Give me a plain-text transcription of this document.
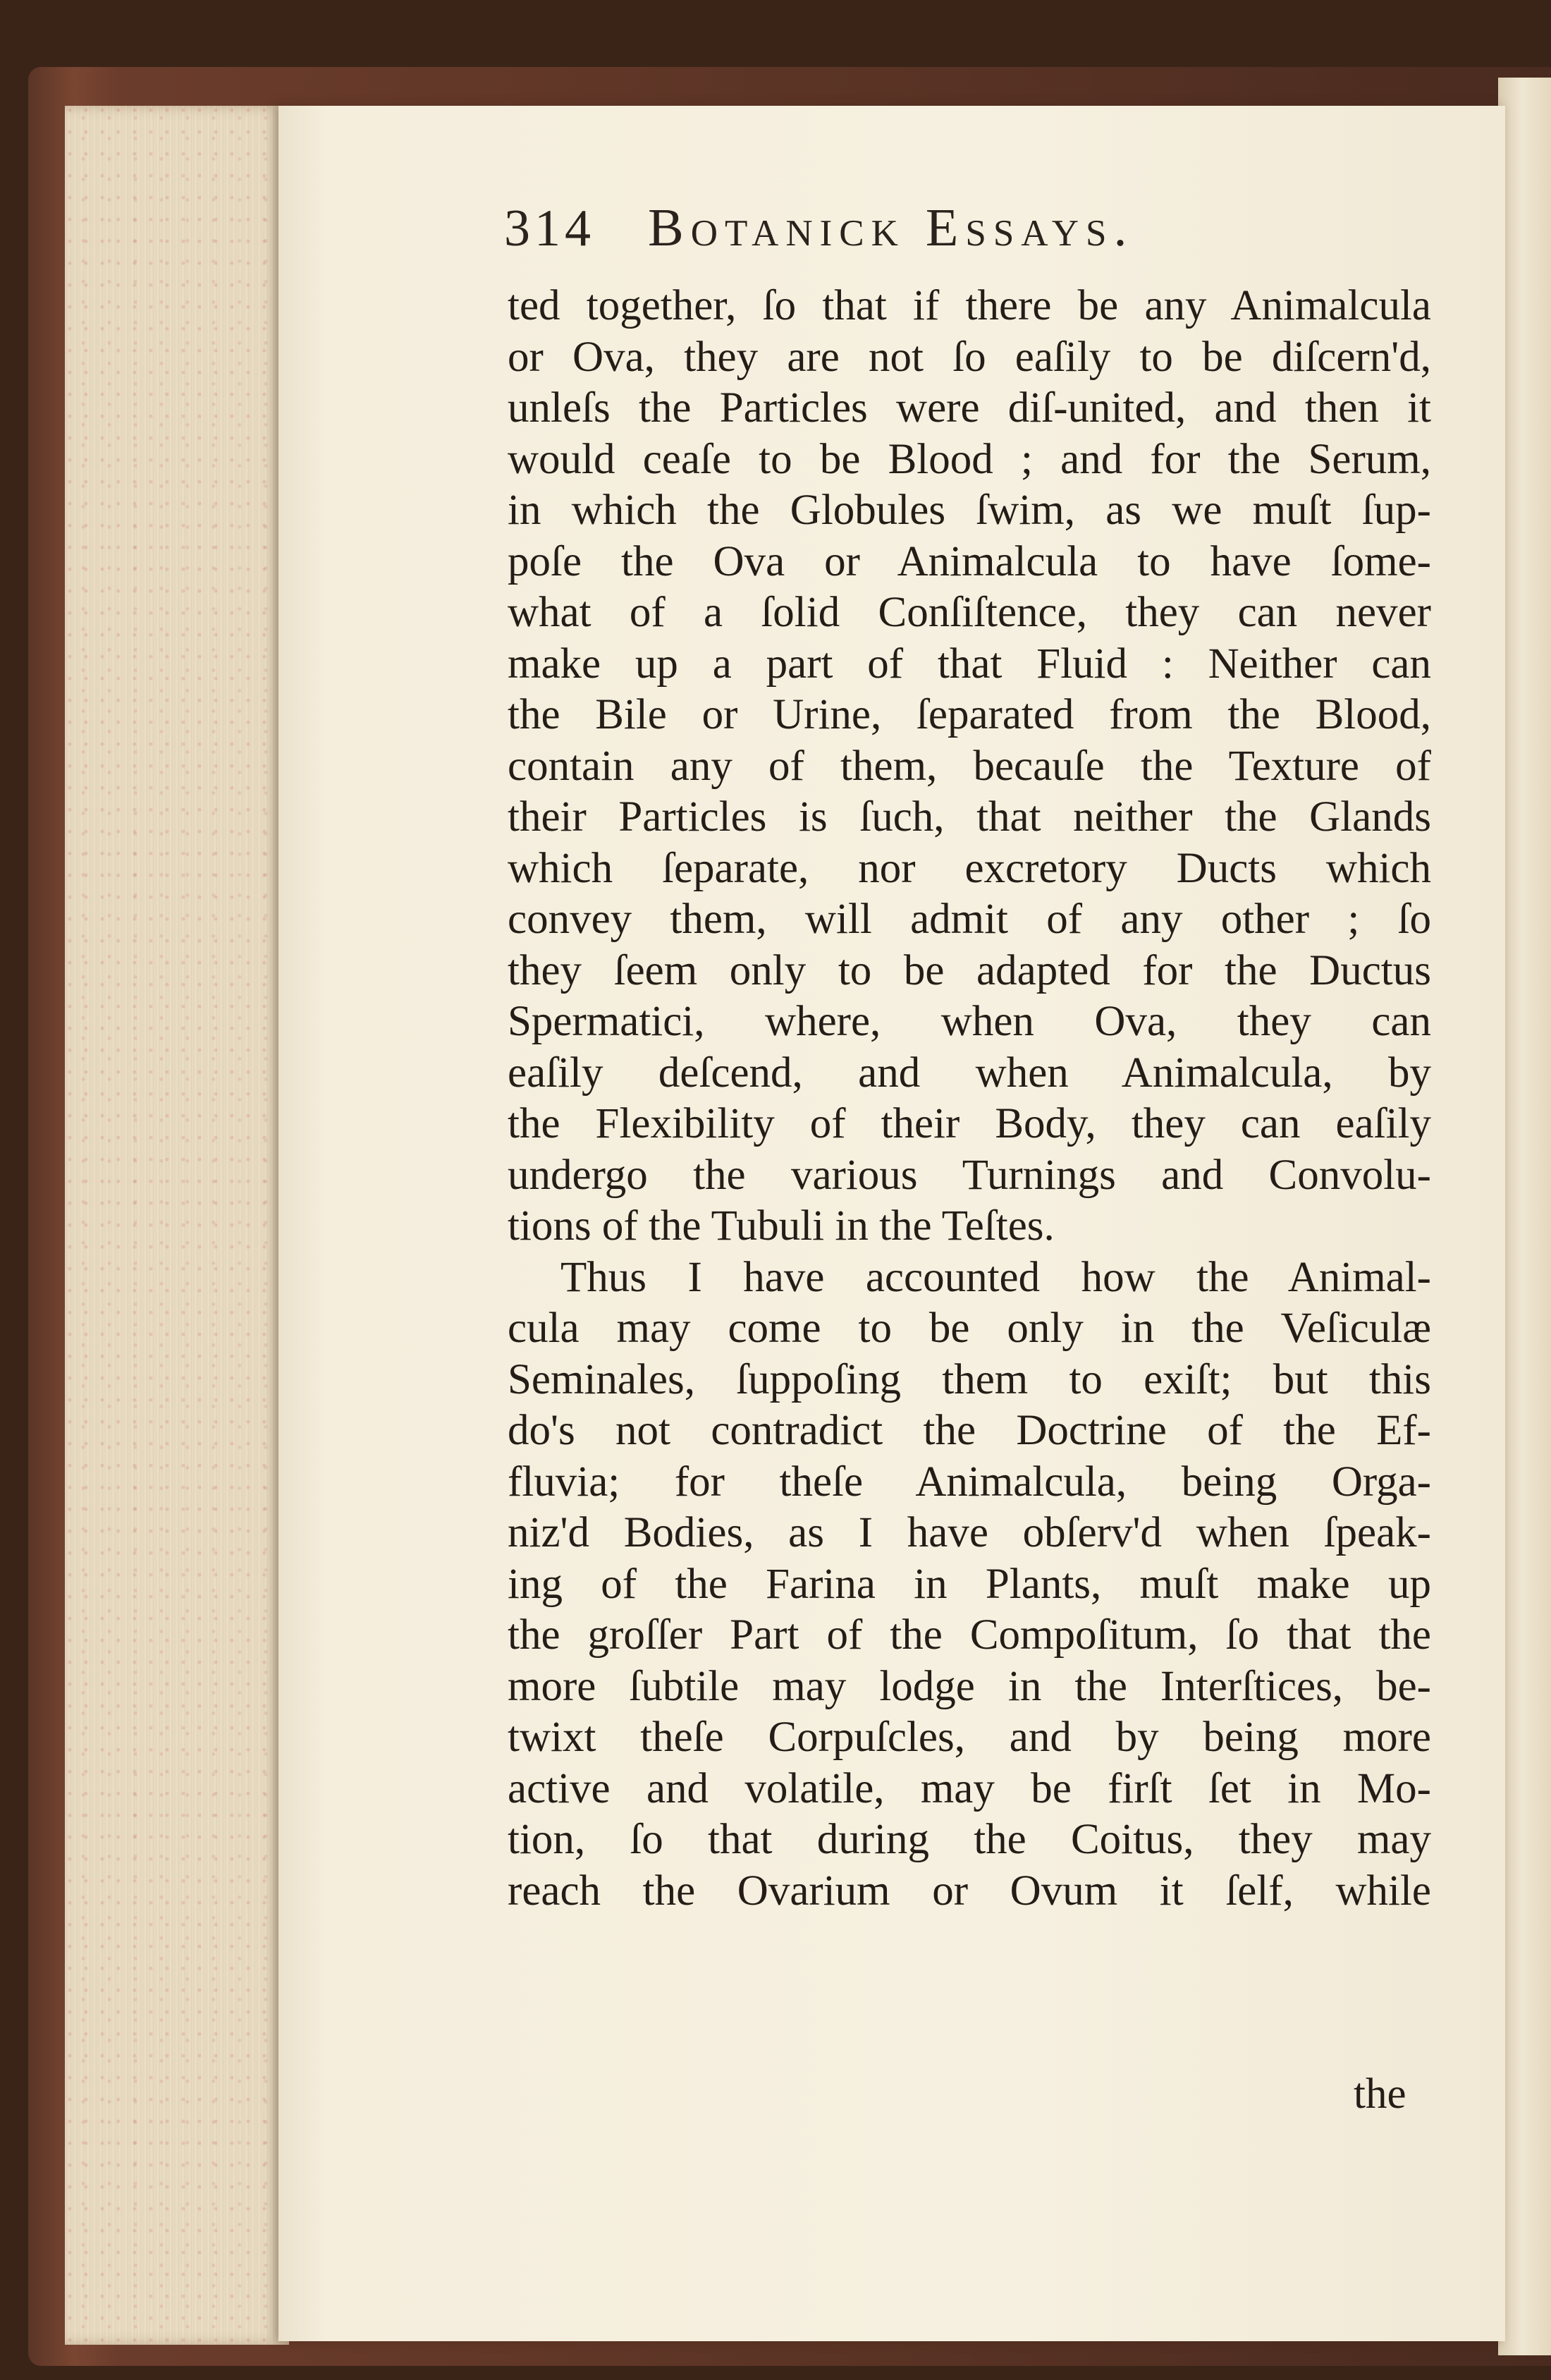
314 Botanick Essays.
ted together, ſo that if there be any Animalcula
or Ova, they are not ſo eaſily to be diſcern'd,
unleſs the Particles were diſ-united, and then it
would ceaſe to be Blood ; and for the Serum,
in which the Globules ſwim, as we muſt ſup-
poſe the Ova or Animalcula to have ſome-
what of a ſolid Conſiſtence, they can never
make up a part of that Fluid : Neither can
the Bile or Urine, ſeparated from the Blood,
contain any of them, becauſe the Texture of
their Particles is ſuch, that neither the Glands
which ſeparate, nor excretory Ducts which
convey them, will admit of any other ; ſo
they ſeem only to be adapted for the Ductus
Spermatici, where, when Ova, they can
eaſily deſcend, and when Animalcula, by
the Flexibility of their Body, they can eaſily
undergo the various Turnings and Convolu-
tions of the Tubuli in the Teſtes.
Thus I have accounted how the Animal-
cula may come to be only in the Veſiculæ
Seminales, ſuppoſing them to exiſt; but this
do's not contradict the Doctrine of the Ef-
fluvia; for theſe Animalcula, being Orga-
niz'd Bodies, as I have obſerv'd when ſpeak-
ing of the Farina in Plants, muſt make up
the groſſer Part of the Compoſitum, ſo that the
more ſubtile may lodge in the Interſtices, be-
twixt theſe Corpuſcles, and by being more
active and volatile, may be firſt ſet in Mo-
tion, ſo that during the Coitus, they may
reach the Ovarium or Ovum it ſelf, while
the
